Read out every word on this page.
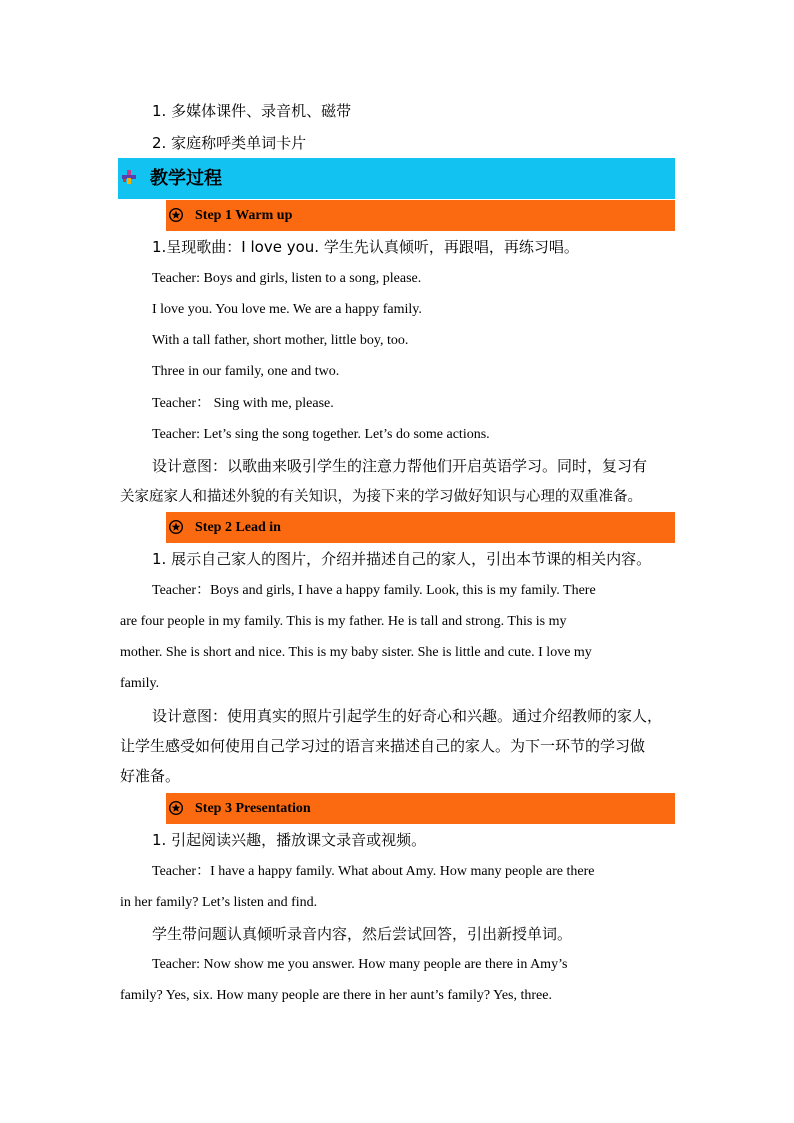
1. 多媒体课件、录音机、磁带
2. 家庭称呼类单词卡片
教学过程
Step 1 Warm up
1.呈现歌曲：I love you. 学生先认真倾听，再跟唱，再练习唱。
Teacher: Boys and girls, listen to a song, please.
I love you. You love me. We are a happy family.
With a tall father, short mother, little boy, too.
Three in our family, one and two.
Teacher： Sing with me, please.
Teacher: Let’s sing the song together. Let’s do some actions.
设计意图：以歌曲来吸引学生的注意力帮他们开启英语学习。同时，复习有
关家庭家人和描述外貌的有关知识，为接下来的学习做好知识与心理的双重准备。
Step 2 Lead in
1. 展示自己家人的图片，介绍并描述自己的家人，引出本节课的相关内容。
Teacher：Boys and girls, I have a happy family. Look, this is my family. There
are four people in my family. This is my father. He is tall and strong. This is my
mother. She is short and nice. This is my baby sister. She is little and cute. I love my
family.
设计意图：使用真实的照片引起学生的好奇心和兴趣。通过介绍教师的家人，
让学生感受如何使用自己学习过的语言来描述自己的家人。为下一环节的学习做
好准备。
Step 3 Presentation
1. 引起阅读兴趣，播放课文录音或视频。
Teacher：I have a happy family. What about Amy. How many people are there
in her family? Let’s listen and find.
学生带问题认真倾听录音内容，然后尝试回答，引出新授单词。
Teacher: Now show me you answer. How many people are there in Amy’s
family? Yes, six. How many people are there in her aunt’s family? Yes, three.
